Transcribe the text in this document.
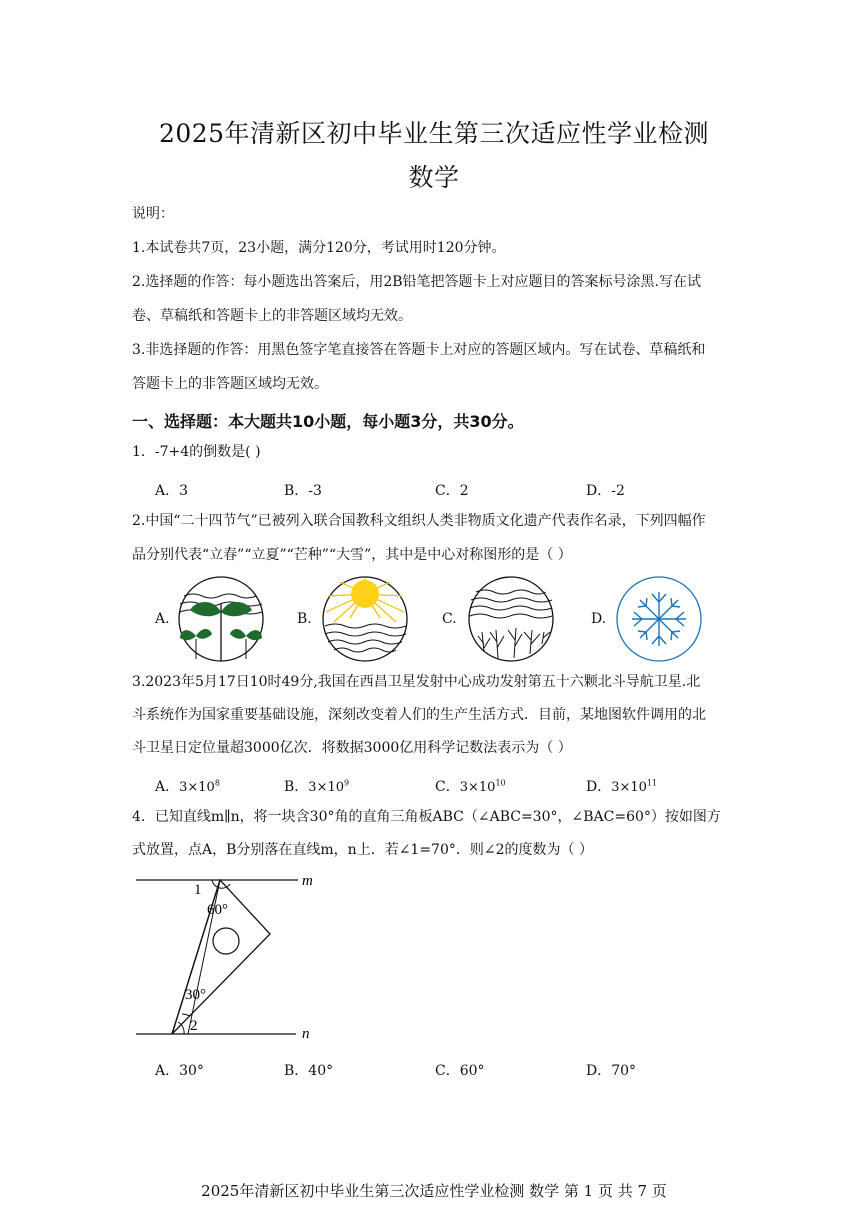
2025年清新区初中毕业生第三次适应性学业检测
数学
说明：
1.本试卷共7页，23小题，满分120分，考试用时120分钟。
2.选择题的作答：每小题选出答案后，用2B铅笔把答题卡上对应题目的答案标号涂黑.写在试
卷、草稿纸和答题卡上的非答题区域均无效。
3.非选择题的作答：用黑色签字笔直接答在答题卡上对应的答题区域内。写在试卷、草稿纸和
答题卡上的非答题区域均无效。
一、选择题：本大题共10小题，每小题3分，共30分。
1．-7+4的倒数是( )
A．3	B．-3	C．2	D．-2
2.中国“二十四节气”已被列入联合国教科文组织人类非物质文化遗产代表作名录，下列四幅作
品分别代表“立春”“立夏”“芒种”“大雪”，其中是中心对称图形的是（ ）
A.	B.	C.	D.
3.2023年5月17日10时49分,我国在西昌卫星发射中心成功发射第五十六颗北斗导航卫星.北
斗系统作为国家重要基础设施，深刻改变着人们的生产生活方式．目前，某地图软件调用的北
斗卫星日定位量超3000亿次．将数据3000亿用科学记数法表示为（ ）
A．$3\times 10^8$	B．$3\times 10^9$	C．$3\times 10^{10}$	D．$3\times 10^{11}$
4．已知直线m∥n，将一块含30°角的直角三角板ABC（∠ABC=30°，∠BAC=60°）按如图方
式放置，点A，B分别落在直线m，n上．若∠1=70°．则∠2的度数为（ ）
m
n
1
60°
30°
2
A．30°	B．40°	C．60°	D．70°
2025年清新区初中毕业生第三次适应性学业检测 数学 第 1 页 共 7 页
